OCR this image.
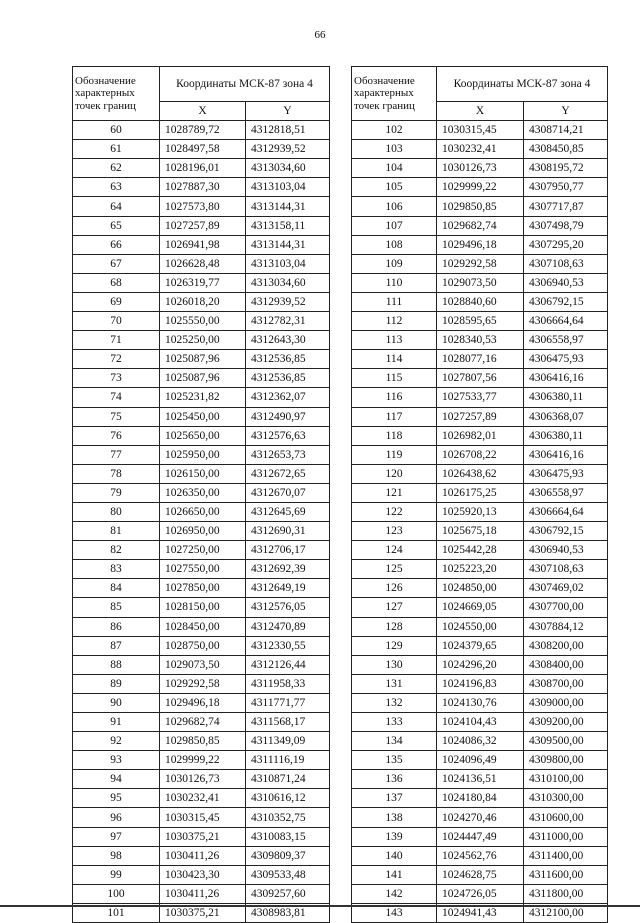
66
Обозначение
характерных
точек границ	Координаты МСК-87 зона 4	
	X	Y
60	1028789,72	4312818,51
61	1028497,58	4312939,52
62	1028196,01	4313034,60
63	1027887,30	4313103,04
64	1027573,80	4313144,31
65	1027257,89	4313158,11
66	1026941,98	4313144,31
67	1026628,48	4313103,04
68	1026319,77	4313034,60
69	1026018,20	4312939,52
70	1025550,00	4312782,31
71	1025250,00	4312643,30
72	1025087,96	4312536,85
73	1025087,96	4312536,85
74	1025231,82	4312362,07
75	1025450,00	4312490,97
76	1025650,00	4312576,63
77	1025950,00	4312653,73
78	1026150,00	4312672,65
79	1026350,00	4312670,07
80	1026650,00	4312645,69
81	1026950,00	4312690,31
82	1027250,00	4312706,17
83	1027550,00	4312692,39
84	1027850,00	4312649,19
85	1028150,00	4312576,05
86	1028450,00	4312470,89
87	1028750,00	4312330,55
88	1029073,50	4312126,44
89	1029292,58	4311958,33
90	1029496,18	4311771,77
91	1029682,74	4311568,17
92	1029850,85	4311349,09
93	1029999,22	4311116,19
94	1030126,73	4310871,24
95	1030232,41	4310616,12
96	1030315,45	4310352,75
97	1030375,21	4310083,15
98	1030411,26	4309809,37
99	1030423,30	4309533,48
100	1030411,26	4309257,60
101	1030375,21	4308983,81
Обозначение
характерных
точек границ	Координаты МСК-87 зона 4	
	X	Y
102	1030315,45	4308714,21
103	1030232,41	4308450,85
104	1030126,73	4308195,72
105	1029999,22	4307950,77
106	1029850,85	4307717,87
107	1029682,74	4307498,79
108	1029496,18	4307295,20
109	1029292,58	4307108,63
110	1029073,50	4306940,53
111	1028840,60	4306792,15
112	1028595,65	4306664,64
113	1028340,53	4306558,97
114	1028077,16	4306475,93
115	1027807,56	4306416,16
116	1027533,77	4306380,11
117	1027257,89	4306368,07
118	1026982,01	4306380,11
119	1026708,22	4306416,16
120	1026438,62	4306475,93
121	1026175,25	4306558,97
122	1025920,13	4306664,64
123	1025675,18	4306792,15
124	1025442,28	4306940,53
125	1025223,20	4307108,63
126	1024850,00	4307469,02
127	1024669,05	4307700,00
128	1024550,00	4307884,12
129	1024379,65	4308200,00
130	1024296,20	4308400,00
131	1024196,83	4308700,00
132	1024130,76	4309000,00
133	1024104,43	4309200,00
134	1024086,32	4309500,00
135	1024096,49	4309800,00
136	1024136,51	4310100,00
137	1024180,84	4310300,00
138	1024270,46	4310600,00
139	1024447,49	4311000,00
140	1024562,76	4311400,00
141	1024628,75	4311600,00
142	1024726,05	4311800,00
143	1024941,43	4312100,00
